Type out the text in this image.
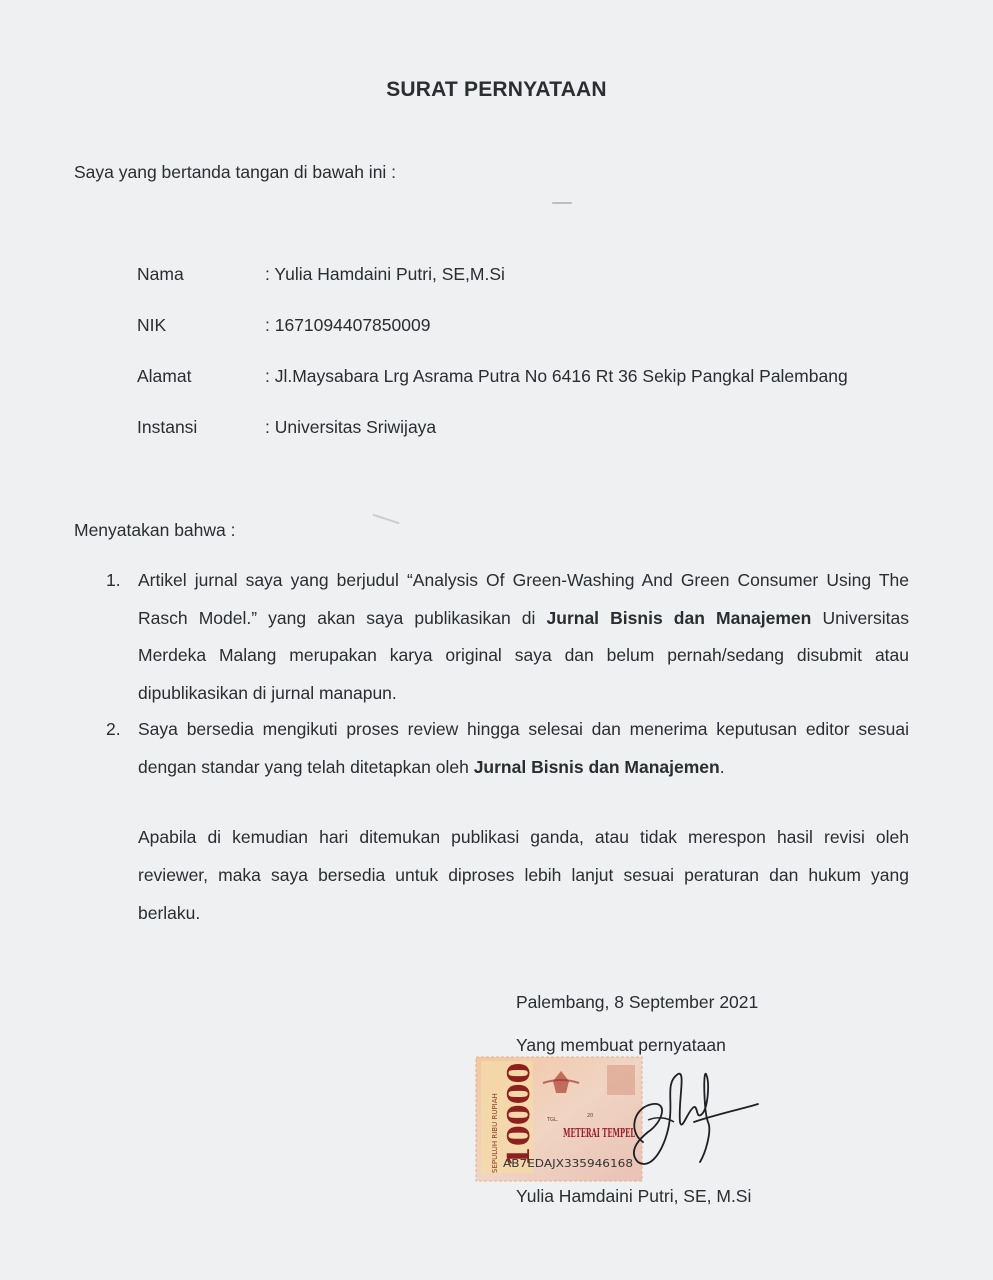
SURAT PERNYATAAN
Saya yang bertanda tangan di bawah ini :
Nama	: Yulia Hamdaini Putri, SE,M.Si
NIK	: 1671094407850009
Alamat	: Jl.Maysabara Lrg Asrama Putra No 6416 Rt 36 Sekip Pangkal Palembang
Instansi	: Universitas Sriwijaya
Menyatakan bahwa :
1. Artikel jurnal saya yang berjudul “Analysis Of Green-Washing And Green Consumer Using The Rasch Model.” yang akan saya publikasikan di Jurnal Bisnis dan Manajemen Universitas Merdeka Malang merupakan karya original saya dan belum pernah/sedang disubmit atau dipublikasikan di jurnal manapun.
2. Saya bersedia mengikuti proses review hingga selesai dan menerima keputusan editor sesuai dengan standar yang telah ditetapkan oleh Jurnal Bisnis dan Manajemen.
Apabila di kemudian hari ditemukan publikasi ganda, atau tidak merespon hasil revisi oleh reviewer, maka saya bersedia untuk diproses lebih lanjut sesuai peraturan dan hukum yang berlaku.
Palembang, 8 September 2021
Yang membuat pernyataan
SEPULUH RIBU RUPIAH 10000 TGL.
20
METERAI TEMPEL
AB7EDAJX335946168
Yulia Hamdaini Putri, SE, M.Si
